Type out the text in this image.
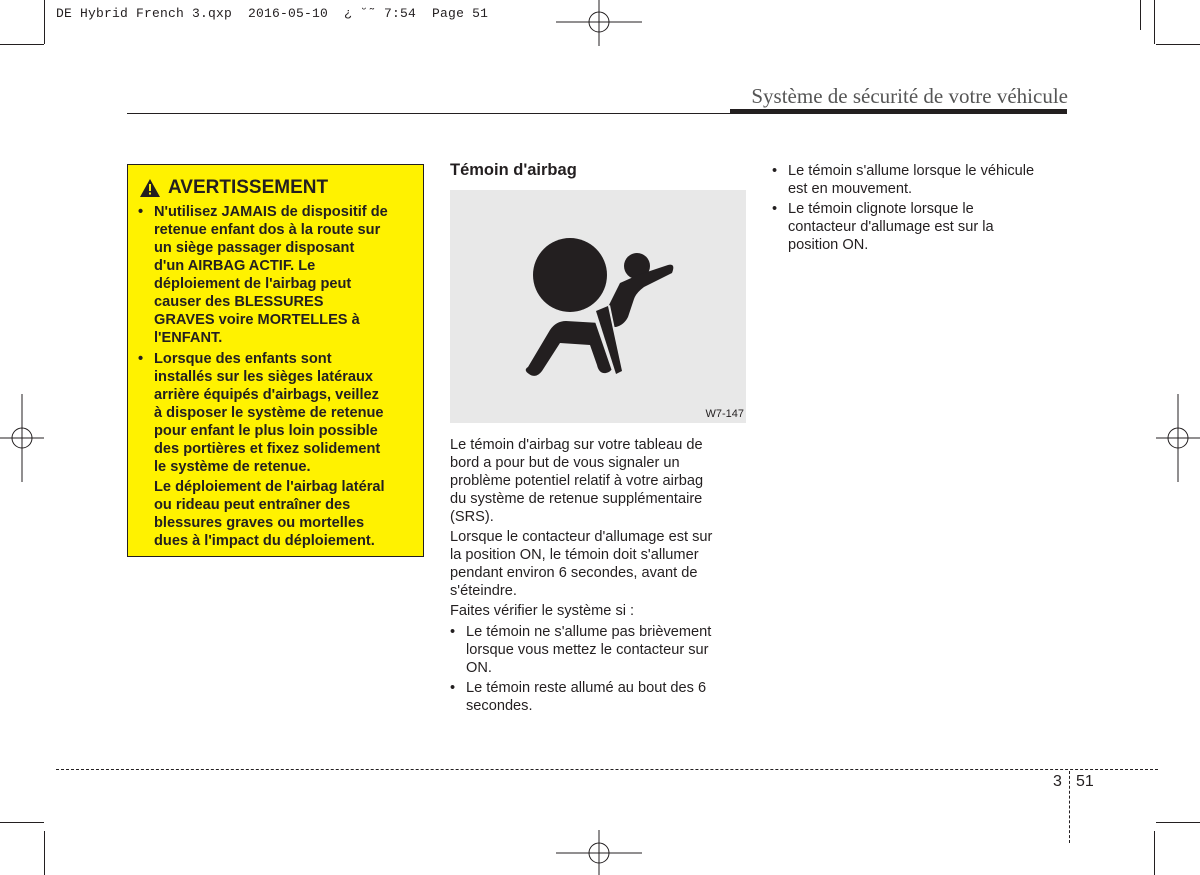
DE Hybrid French 3.qxp  2016-05-10  ¿ ˘˜ 7:54  Page 51
Système de sécurité de votre véhicule
AVERTISSEMENT
• N'utilisez JAMAIS de dispositif de
retenue enfant dos à la route sur
un siège passager disposant
d'un AIRBAG ACTIF. Le
déploiement de l'airbag peut
causer des BLESSURES
GRAVES voire MORTELLES à
l'ENFANT.
• Lorsque des enfants sont
installés sur les sièges latéraux
arrière équipés d'airbags, veillez
à disposer le système de retenue
pour enfant le plus loin possible
des portières et fixez solidement
le système de retenue.
Le déploiement de l'airbag latéral
ou rideau peut entraîner des
blessures graves ou mortelles
dues à l'impact du déploiement.
Témoin d'airbag
W7-147
Le témoin d'airbag sur votre tableau de
bord a pour but de vous signaler un
problème potentiel relatif à votre airbag
du système de retenue supplémentaire
(SRS).
Lorsque le contacteur d'allumage est sur
la position ON, le témoin doit s'allumer
pendant environ 6 secondes, avant de
s'éteindre.
Faites vérifier le système si :
• Le témoin ne s'allume pas brièvement
lorsque vous mettez le contacteur sur
ON.
• Le témoin reste allumé au bout des 6
secondes.
• Le témoin s'allume lorsque le véhicule
est en mouvement.
• Le témoin clignote lorsque le
contacteur d'allumage est sur la
position ON.
3 51
